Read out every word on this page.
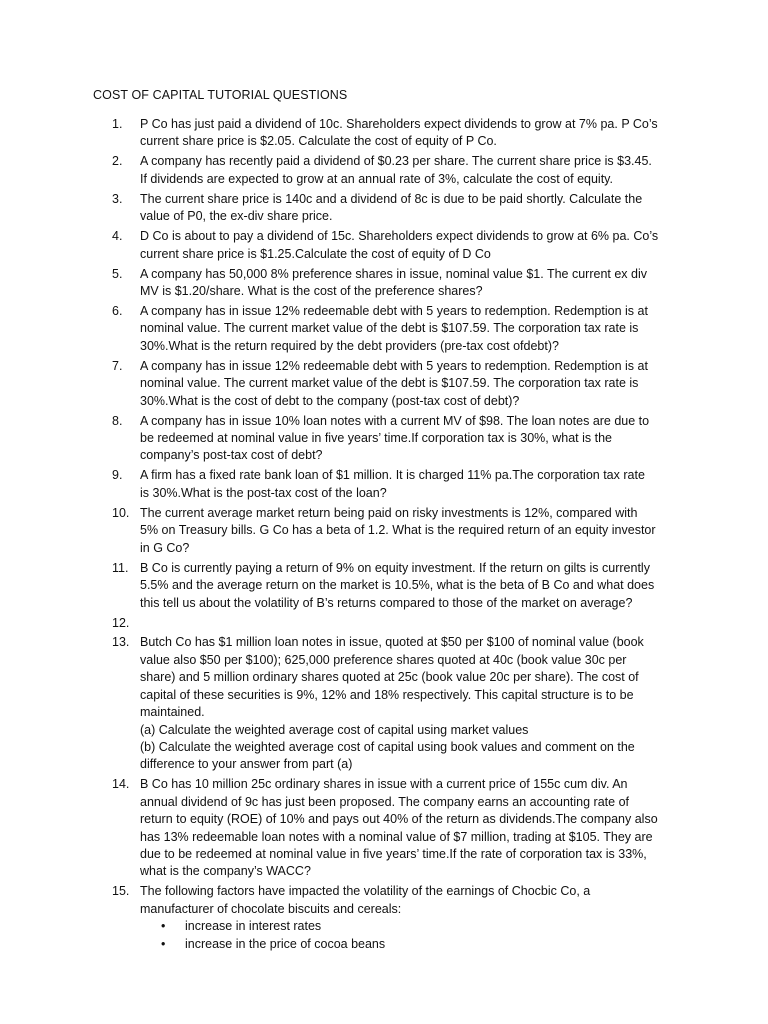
COST OF CAPITAL TUTORIAL QUESTIONS
1. P Co has just paid a dividend of 10c. Shareholders expect dividends to grow at 7% pa. P Co’s
current share price is $2.05. Calculate the cost of equity of P Co.
2. A company has recently paid a dividend of $0.23 per share. The current share price is $3.45.
If dividends are expected to grow at an annual rate of 3%, calculate the cost of equity.
3. The current share price is 140c and a dividend of 8c is due to be paid shortly. Calculate the
value of P0, the ex-div share price.
4. D Co is about to pay a dividend of 15c. Shareholders expect dividends to grow at 6% pa. Co’s
current share price is $1.25.Calculate the cost of equity of D Co
5. A company has 50,000 8% preference shares in issue, nominal value $1. The current ex div
MV is $1.20/share. What is the cost of the preference shares?
6. A company has in issue 12% redeemable debt with 5 years to redemption. Redemption is at
nominal value. The current market value of the debt is $107.59. The corporation tax rate is
30%.What is the return required by the debt providers (pre-tax cost ofdebt)?
7. A company has in issue 12% redeemable debt with 5 years to redemption. Redemption is at
nominal value. The current market value of the debt is $107.59. The corporation tax rate is
30%.What is the cost of debt to the company (post-tax cost of debt)?
8. A company has in issue 10% loan notes with a current MV of $98. The loan notes are due to
be redeemed at nominal value in five years’ time.If corporation tax is 30%, what is the
company’s post-tax cost of debt?
9. A firm has a fixed rate bank loan of $1 million. It is charged 11% pa.The corporation tax rate
is 30%.What is the post-tax cost of the loan?
10. The current average market return being paid on risky investments is 12%, compared with
5% on Treasury bills. G Co has a beta of 1.2. What is the required return of an equity investor
in G Co?
11. B Co is currently paying a return of 9% on equity investment. If the return on gilts is currently
5.5% and the average return on the market is 10.5%, what is the beta of B Co and what does
this tell us about the volatility of B’s returns compared to those of the market on average?
12.
13. Butch Co has $1 million loan notes in issue, quoted at $50 per $100 of nominal value (book
value also $50 per $100); 625,000 preference shares quoted at 40c (book value 30c per
share) and 5 million ordinary shares quoted at 25c (book value 20c per share). The cost of
capital of these securities is 9%, 12% and 18% respectively. This capital structure is to be
maintained.
(a) Calculate the weighted average cost of capital using market values
(b) Calculate the weighted average cost of capital using book values and comment on the
difference to your answer from part (a)
14. B Co has 10 million 25c ordinary shares in issue with a current price of 155c cum div. An
annual dividend of 9c has just been proposed. The company earns an accounting rate of
return to equity (ROE) of 10% and pays out 40% of the return as dividends.The company also
has 13% redeemable loan notes with a nominal value of $7 million, trading at $105. They are
due to be redeemed at nominal value in five years’ time.If the rate of corporation tax is 33%,
what is the company’s WACC?
15. The following factors have impacted the volatility of the earnings of Chocbic Co, a
manufacturer of chocolate biscuits and cereals:
• increase in interest rates
• increase in the price of cocoa beans
